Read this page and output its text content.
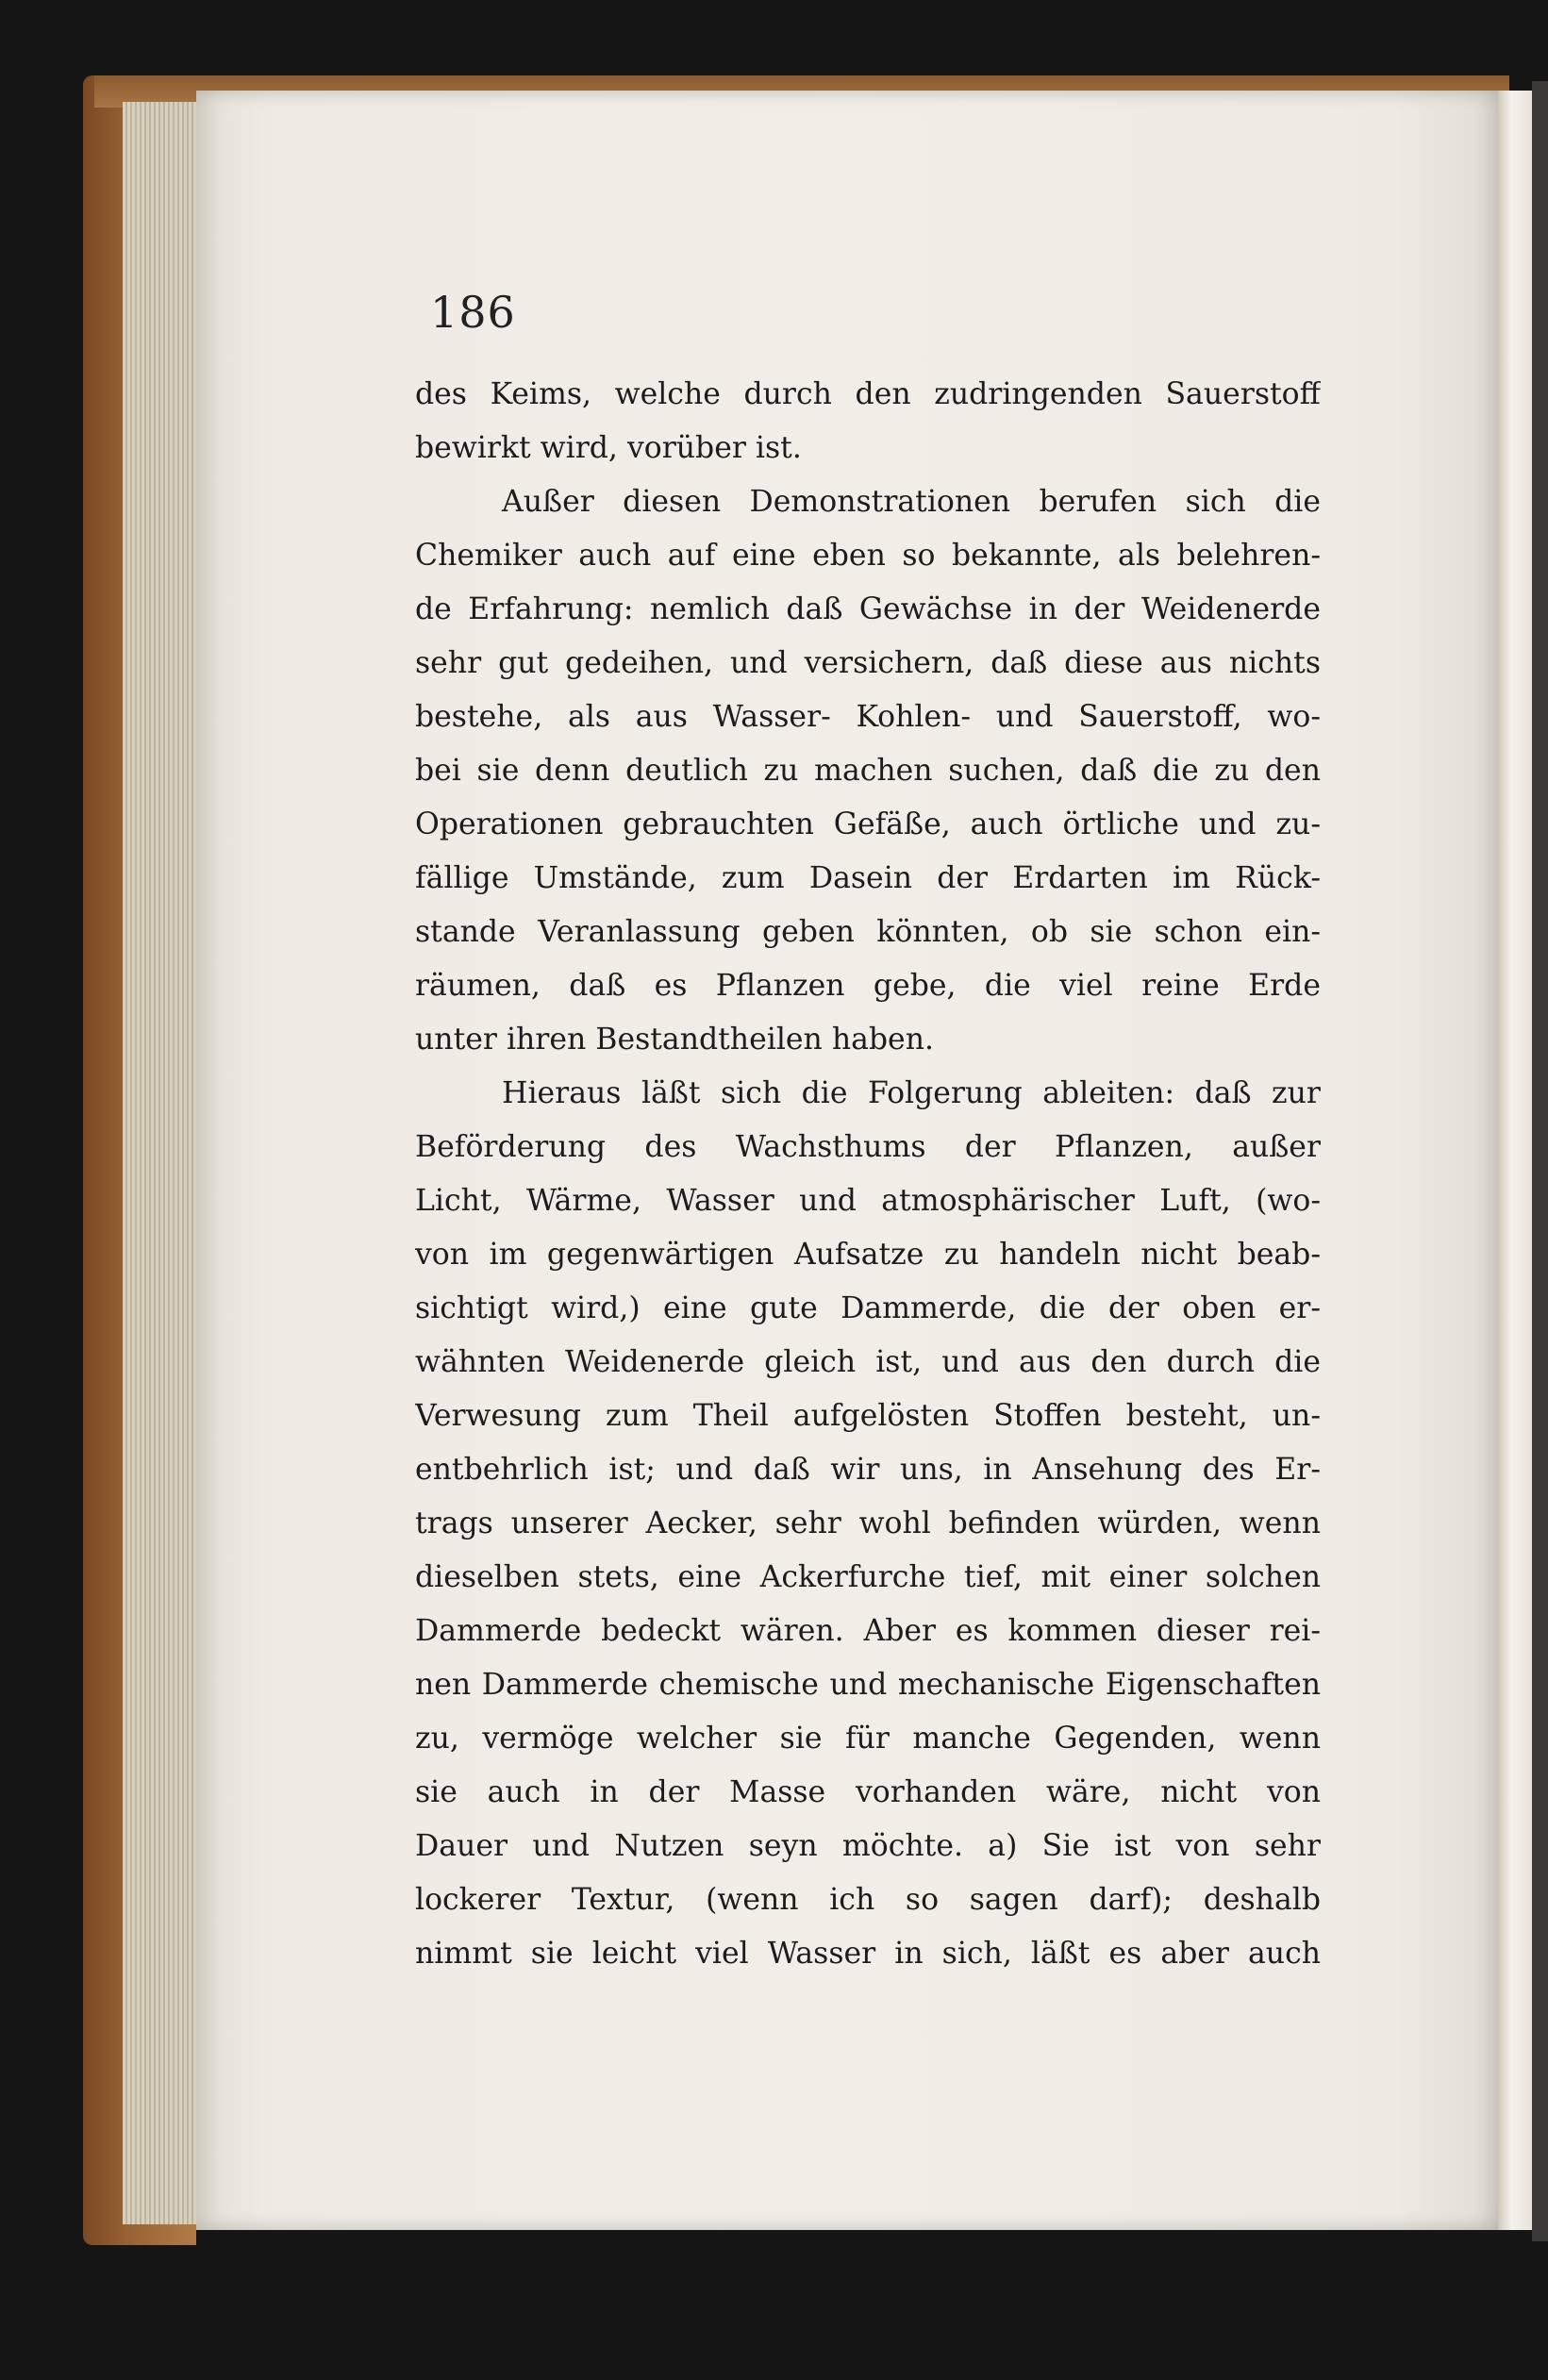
186
des Keims, welche durch den zudringenden Sauerstoff
bewirkt wird, vorüber ist.
Außer diesen Demonstrationen berufen sich die
Chemiker auch auf eine eben so bekannte, als belehren-
de Erfahrung: nemlich daß Gewächse in der Weidenerde
sehr gut gedeihen, und versichern, daß diese aus nichts
bestehe, als aus Wasser- Kohlen- und Sauerstoff, wo-
bei sie denn deutlich zu machen suchen, daß die zu den
Operationen gebrauchten Gefäße, auch örtliche und zu-
fällige Umstände, zum Dasein der Erdarten im Rück-
stande Veranlassung geben könnten, ob sie schon ein-
räumen, daß es Pflanzen gebe, die viel reine Erde
unter ihren Bestandtheilen haben.
Hieraus läßt sich die Folgerung ableiten: daß zur
Beförderung des Wachsthums der Pflanzen, außer
Licht, Wärme, Wasser und atmosphärischer Luft, (wo-
von im gegenwärtigen Aufsatze zu handeln nicht beab-
sichtigt wird,) eine gute Dammerde, die der oben er-
wähnten Weidenerde gleich ist, und aus den durch die
Verwesung zum Theil aufgelösten Stoffen besteht, un-
entbehrlich ist; und daß wir uns, in Ansehung des Er-
trags unserer Aecker, sehr wohl befinden würden, wenn
dieselben stets, eine Ackerfurche tief, mit einer solchen
Dammerde bedeckt wären. Aber es kommen dieser rei-
nen Dammerde chemische und mechanische Eigenschaften
zu, vermöge welcher sie für manche Gegenden, wenn
sie auch in der Masse vorhanden wäre, nicht von
Dauer und Nutzen seyn möchte. a) Sie ist von sehr
lockerer Textur, (wenn ich so sagen darf); deshalb
nimmt sie leicht viel Wasser in sich, läßt es aber auch
